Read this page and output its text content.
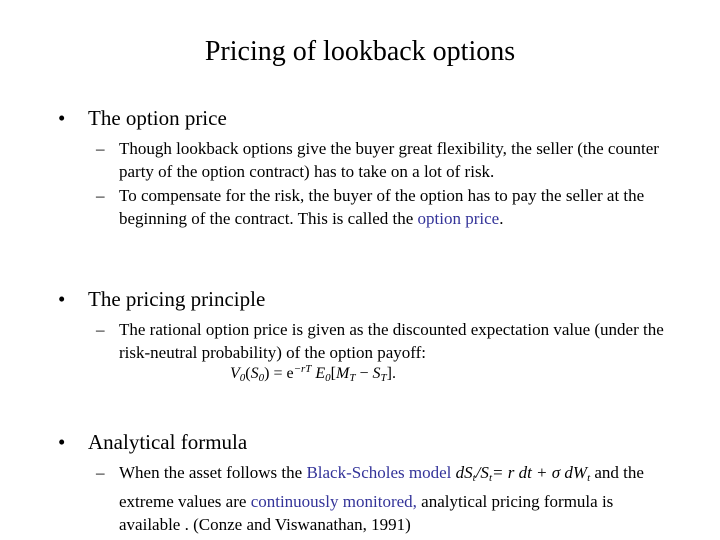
Pricing of lookback options
• The option price
– Though lookback options give the buyer great flexibility, the seller (the counter party of the option contract) has to take on a lot of risk.
– To compensate for the risk, the buyer of the option has to pay the seller at the beginning of the contract. This is called the option price.
• The pricing principle
– The rational option price is given as the discounted expectation value (under the risk-neutral probability) of the option payoff:
$V_0(S_0) = e^{-rT}$ $E_0[M_T - S_T]$.
• Analytical formula
– When the asset follows the Black-Scholes model $dS_t/S_t= r$ dt + σ $dW_t$ and the extreme values are continuously monitored, analytical pricing formula is available . (Conze and Viswanathan, 1991)
